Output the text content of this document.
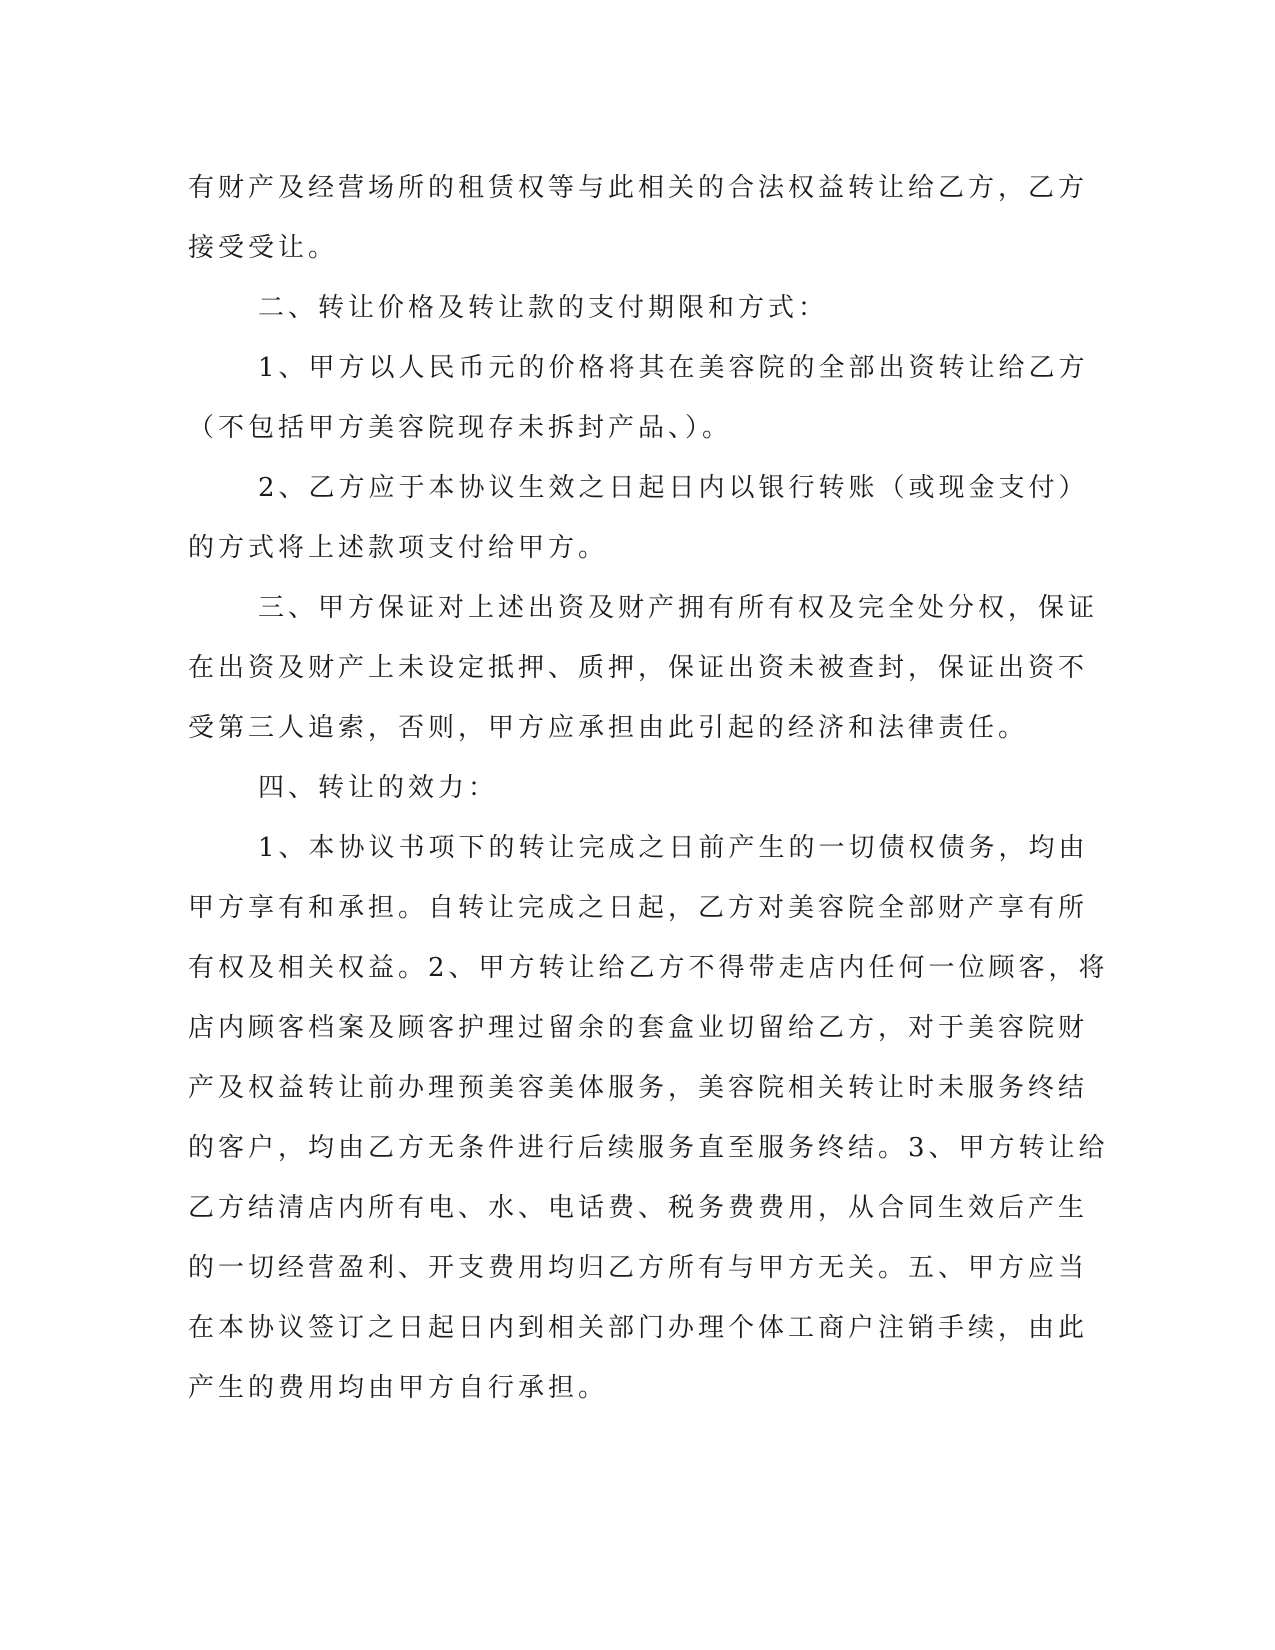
有财产及经营场所的租赁权等与此相关的合法权益转让给乙方，乙方
接受受让。
二、转让价格及转让款的支付期限和方式：
1、甲方以人民币元的价格将其在美容院的全部出资转让给乙方
（不包括甲方美容院现存未拆封产品、）。
2、乙方应于本协议生效之日起日内以银行转账（或现金支付）
的方式将上述款项支付给甲方。
三、甲方保证对上述出资及财产拥有所有权及完全处分权，保证
在出资及财产上未设定抵押、质押，保证出资未被查封，保证出资不
受第三人追索，否则，甲方应承担由此引起的经济和法律责任。
四、转让的效力：
1、本协议书项下的转让完成之日前产生的一切债权债务，均由
甲方享有和承担。自转让完成之日起，乙方对美容院全部财产享有所
有权及相关权益。2、甲方转让给乙方不得带走店内任何一位顾客，将
店内顾客档案及顾客护理过留余的套盒业切留给乙方，对于美容院财
产及权益转让前办理预美容美体服务，美容院相关转让时未服务终结
的客户，均由乙方无条件进行后续服务直至服务终结。3、甲方转让给
乙方结清店内所有电、水、电话费、税务费费用，从合同生效后产生
的一切经营盈利、开支费用均归乙方所有与甲方无关。五、甲方应当
在本协议签订之日起日内到相关部门办理个体工商户注销手续，由此
产生的费用均由甲方自行承担。
